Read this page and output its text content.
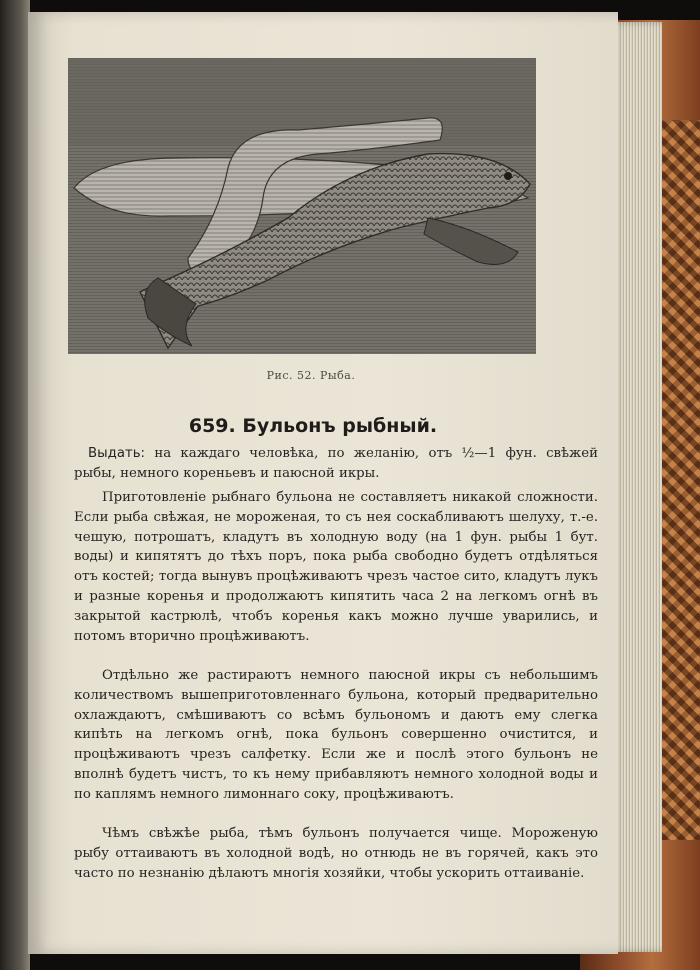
Рис. 52. Рыба.
659. Бульонъ рыбный.

Выдать: на каждаго человѣка, по желанію, отъ ½—1 фун. свѣжей рыбы, немного кореньевъ и паюсной икры.

Приготовленіе рыбнаго бульона не составляетъ никакой сложности. Если рыба свѣжая, не мороженая, то съ нея соскабливаютъ шелуху, т.-е. чешую, потрошатъ, кладутъ въ холодную воду (на 1 фун. рыбы 1 бут. воды) и кипятятъ до тѣхъ поръ, пока рыба свободно будетъ отдѣляться отъ костей; тогда вынувъ процѣживаютъ чрезъ частое сито, кладутъ лукъ и разные коренья и продолжаютъ кипятить часа 2 на легкомъ огнѣ въ закрытой кастрюлѣ, чтобъ коренья какъ можно лучше уварились, и потомъ вторично процѣживаютъ.

Отдѣльно же растираютъ немного паюсной икры съ небольшимъ количествомъ вышеприготовленнаго бульона, который предварительно охлаждаютъ, смѣшиваютъ со всѣмъ бульономъ и даютъ ему слегка кипѣть на легкомъ огнѣ, пока бульонъ совершенно очистится, и процѣживаютъ чрезъ салфетку. Если же и послѣ этого бульонъ не вполнѣ будетъ чистъ, то къ нему прибавляютъ немного холодной воды и по каплямъ немного лимоннаго соку, процѣживаютъ.

Чѣмъ свѣжѣе рыба, тѣмъ бульонъ получается чище. Мороженую рыбу оттаиваютъ въ холодной водѣ, но отнюдь не въ горячей, какъ это часто по незнанію дѣлаютъ многія хозяйки, чтобы ускорить оттаиваніе.
